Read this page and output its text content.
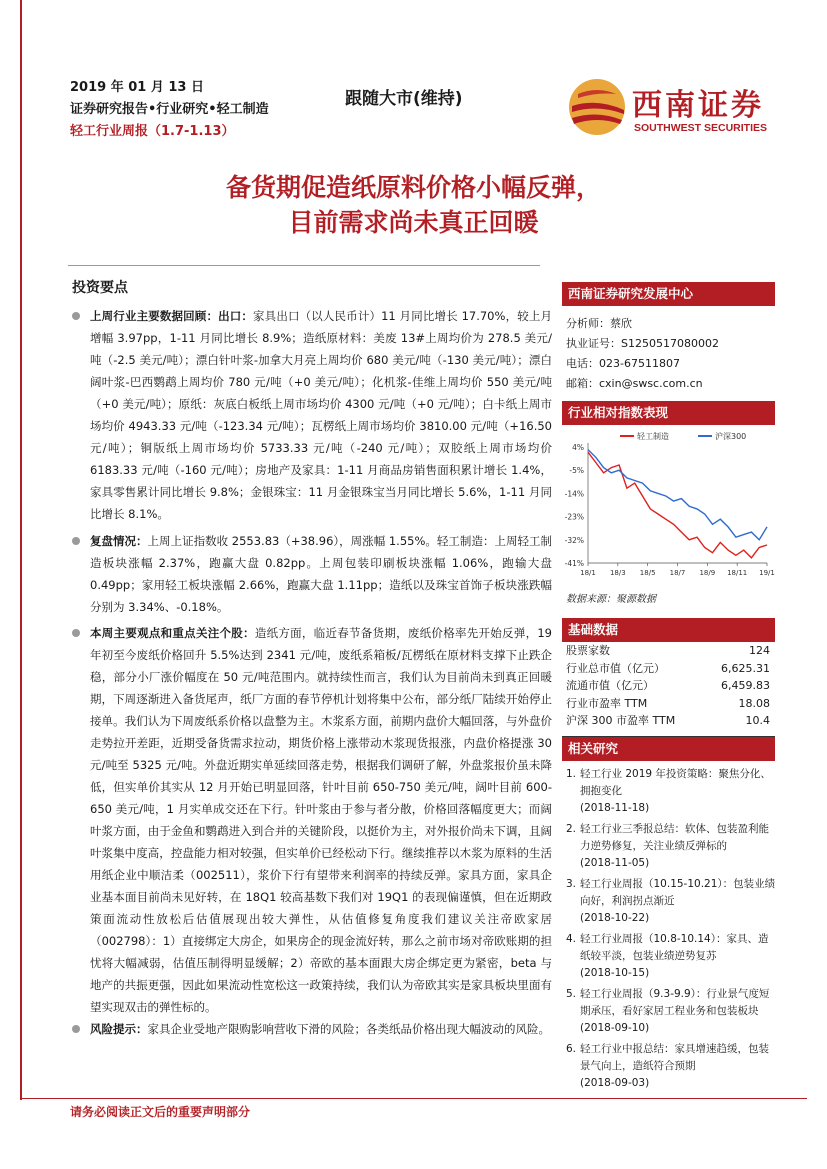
2019 年 01 月 13 日
证券研究报告•行业研究•轻工制造
轻工行业周报（1.7-1.13）
跟随大市(维持)	西南证券
SOUTHWEST SECURITIES
备货期促造纸原料价格小幅反弹，
目前需求尚未真正回暖
投资要点
上周行业主要数据回顾：出口：家具出口（以人民币计）11 月同比增长 17.70%，较上月增幅 3.97pp，1-11 月同比增长 8.9%；造纸原材料：美废 13#上周均价为 278.5 美元/吨（-2.5 美元/吨）；漂白针叶浆-加拿大月亮上周均价 680 美元/吨（-130 美元/吨）；漂白阔叶浆-巴西鹦鹉上周均价 780 元/吨（+0 美元/吨）；化机浆-佳维上周均价 550 美元/吨（+0 美元/吨）；原纸：灰底白板纸上周市场均价 4300 元/吨（+0 元/吨）；白卡纸上周市场均价 4943.33 元/吨（-123.34 元/吨）；瓦楞纸上周市场均价 3810.00 元/吨（+16.50 元/吨）；铜版纸上周市场均价 5733.33 元/吨（-240 元/吨）；双胶纸上周市场均价 6183.33 元/吨（-160 元/吨）；房地产及家具：1-11 月商品房销售面积累计增长 1.4%，家具零售累计同比增长 9.8%；金银珠宝：11 月金银珠宝当月同比增长 5.6%，1-11 月同比增长 8.1%。
复盘情况：上周上证指数收 2553.83（+38.96），周涨幅 1.55%。轻工制造：上周轻工制造板块涨幅 2.37%，跑赢大盘 0.82pp。上周包装印刷板块涨幅 1.06%，跑输大盘 0.49pp；家用轻工板块涨幅 2.66%，跑赢大盘 1.11pp；造纸以及珠宝首饰子板块涨跌幅分别为 3.34%、-0.18%。
本周主要观点和重点关注个股：造纸方面，临近春节备货期，废纸价格率先开始反弹，19 年初至今废纸价格回升 5.5%达到 2341 元/吨，废纸系箱板/瓦楞纸在原材料支撑下止跌企稳，部分小厂涨价幅度在 50 元/吨范围内。就持续性而言，我们认为目前尚未到真正回暖期，下周逐渐进入备货尾声，纸厂方面的春节停机计划将集中公布，部分纸厂陆续开始停止接单。我们认为下周废纸系价格以盘整为主。木浆系方面，前期内盘价大幅回落，与外盘价走势拉开差距，近期受备货需求拉动，期货价格上涨带动木浆现货报涨，内盘价格提涨 30 元/吨至 5325 元/吨。外盘近期实单延续回落走势，根据我们调研了解，外盘浆报价虽未降低，但实单价其实从 12 月开始已明显回落，针叶目前 650-750 美元/吨，阔叶目前 600-650 美元/吨，1 月实单成交还在下行。针叶浆由于参与者分散，价格回落幅度更大；而阔叶浆方面，由于金鱼和鹦鹉进入到合并的关键阶段，以挺价为主，对外报价尚未下调，且阔叶浆集中度高，控盘能力相对较强，但实单价已经松动下行。继续推荐以木浆为原料的生活用纸企业中顺洁柔（002511），浆价下行有望带来利润率的持续反弹。家具方面，家具企业基本面目前尚未见好转，在 18Q1 较高基数下我们对 19Q1 的表现偏谨慎，但在近期政策面流动性放松后估值展现出较大弹性，从估值修复角度我们建议关注帝欧家居（002798）：1）直接绑定大房企，如果房企的现金流好转，那么之前市场对帝欧账期的担忧将大幅减弱，估值压制得明显缓解；2）帝欧的基本面跟大房企绑定更为紧密，beta 与地产的共振更强，因此如果流动性宽松这一政策持续，我们认为帝欧其实是家具板块里面有望实现双击的弹性标的。
风险提示：家具企业受地产限购影响营收下滑的风险；各类纸品价格出现大幅波动的风险。
西南证券研究发展中心
分析师：蔡欣
执业证号：S1250517080002
电话：023-67511807
邮箱：cxin@swsc.com.cn
行业相对指数表现
轻工制造	沪深300
4%
-5%
-14%
-23%
-32%
-41%
18/1 18/3 18/5 18/7 18/9 18/11 19/1
数据来源：聚源数据
基础数据
股票家数	124
行业总市值（亿元）	6,625.31
流通市值（亿元）	6,459.83
行业市盈率 TTM	18.08
沪深 300 市盈率 TTM	10.4
相关研究
1. 轻工行业 2019 年投资策略：聚焦分化、拥抱变化
(2018-11-18)
2. 轻工行业三季报总结：软体、包装盈利能力逆势修复，关注业绩反弹标的
(2018-11-05)
3. 轻工行业周报（10.15-10.21）：包装业绩向好，利润拐点渐近
(2018-10-22)
4. 轻工行业周报（10.8-10.14）：家具、造纸较平淡，包装业绩逆势复苏
(2018-10-15)
5. 轻工行业周报（9.3-9.9）：行业景气度短期承压，看好家居工程业务和包装板块
(2018-09-10)
6. 轻工行业中报总结：家具增速趋缓，包装景气向上，造纸符合预期
(2018-09-03)
请务必阅读正文后的重要声明部分
